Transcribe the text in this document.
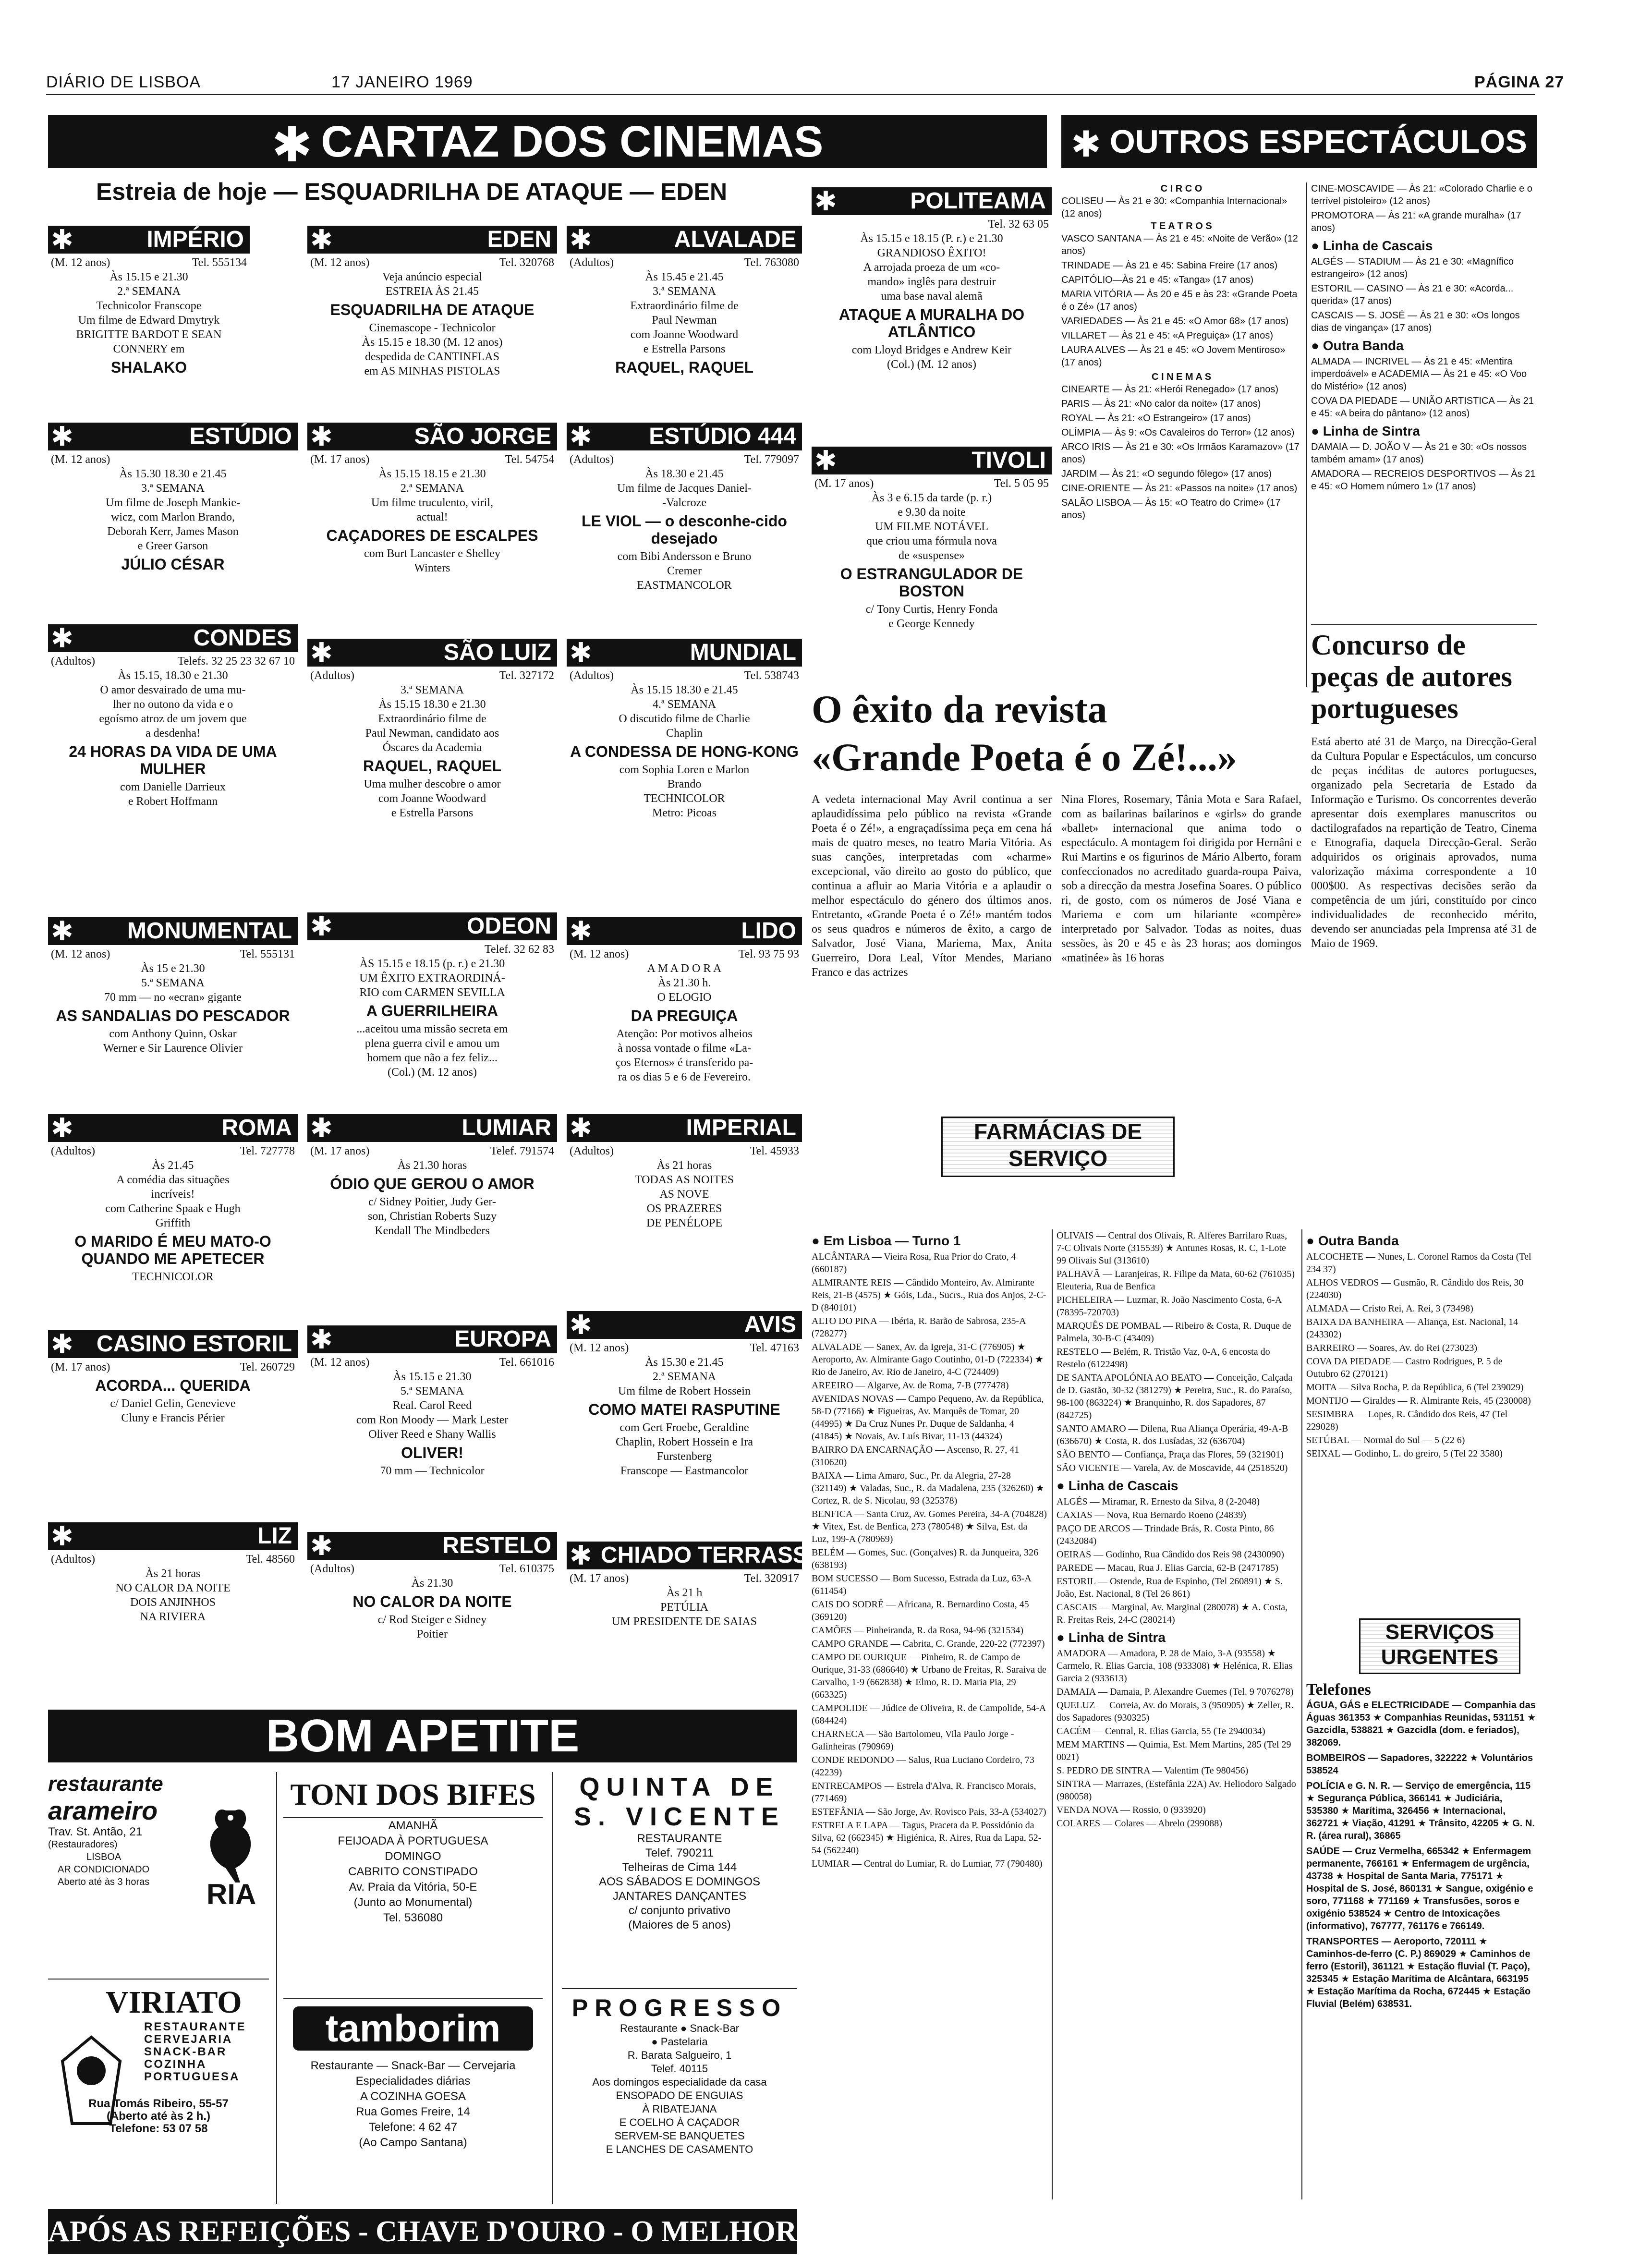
DIÁRIO DE LISBOA	17 JANEIRO 1969	PÁGINA 27
✱ CARTAZ DOS CINEMAS	✱ OUTROS ESPECTÁCULOS
Estreia de hoje — ESQUADRILHA DE ATAQUE — EDEN
✱	IMPÉRIO
(M. 12 anos)	Tel. 555134
Às 15.15 e 21.30
2.ª SEMANA
Technicolor Franscope
Um filme de Edward Dmytryk
BRIGITTE BARDOT E SEAN
CONNERY em
SHALAKO
✱	EDEN
(M. 12 anos)	Tel. 320768
Veja anúncio especial
ESTREIA ÀS 21.45
ESQUADRILHA DE ATAQUE
Cinemascope - Technicolor
Às 15.15 e 18.30 (M. 12 anos)
despedida de CANTINFLAS
em AS MINHAS PISTOLAS
✱	ALVALADE
(Adultos)	Tel. 763080
Às 15.45 e 21.45
3.ª SEMANA
Extraordinário filme de
Paul Newman
com Joanne Woodward
e Estrella Parsons
RAQUEL, RAQUEL
✱	POLITEAMA
Tel. 32 63 05
Às 15.15 e 18.15 (P. r.) e 21.30
GRANDIOSO ÊXITO!
A arrojada proeza de um «co-
mando» inglês para destruir
uma base naval alemã
ATAQUE A MURALHA DO ATLÂNTICO
com Lloyd Bridges e Andrew Keir
(Col.) (M. 12 anos)
✱	ESTÚDIO
(M. 12 anos)
Às 15.30 18.30 e 21.45
3.ª SEMANA
Um filme de Joseph Mankie-
wicz, com Marlon Brando,
Deborah Kerr, James Mason
e Greer Garson
JÚLIO CÉSAR
✱	SÃO JORGE
(M. 17 anos)	Tel. 54754
Às 15.15 18.15 e 21.30
2.ª SEMANA
Um filme truculento, viril,
actual!
CAÇADORES DE ESCALPES
com Burt Lancaster e Shelley
Winters
✱ ESTÚDIO 444
(Adultos)	Tel. 779097
Às 18.30 e 21.45
Um filme de Jacques Daniel-
-Valcroze
LE VIOL — o desconhe-cido desejado
com Bibi Andersson e Bruno
Cremer
EASTMANCOLOR
✱	TIVOLI
(M. 17 anos)	Tel. 5 05 95
Às 3 e 6.15 da tarde (p. r.)
e 9.30 da noite
UM FILME NOTÁVEL
que criou uma fórmula nova
de «suspense»
O ESTRANGULADOR DE BOSTON
c/ Tony Curtis, Henry Fonda
e George Kennedy
✱	CONDES
(Adultos)	Telefs. 32 25 23 32 67 10
Às 15.15, 18.30 e 21.30
O amor desvairado de uma mu-
lher no outono da vida e o
egoísmo atroz de um jovem que
a desdenha!
24 HORAS DA VIDA DE UMA MULHER
com Danielle Darrieux
e Robert Hoffmann
✱	SÃO LUIZ
(Adultos)	Tel. 327172
3.ª SEMANA
Às 15.15 18.30 e 21.30
Extraordinário filme de
Paul Newman, candidato aos
Óscares da Academia
RAQUEL, RAQUEL
Uma mulher descobre o amor
com Joanne Woodward
e Estrella Parsons
✱	MUNDIAL
(Adultos)	Tel. 538743
Às 15.15 18.30 e 21.45
4.ª SEMANA
O discutido filme de Charlie
Chaplin
A CONDESSA DE HONG-KONG
com Sophia Loren e Marlon
Brando
TECHNICOLOR
Metro: Picoas
✱ MONUMENTAL
(M. 12 anos)	Tel. 555131
Às 15 e 21.30
5.ª SEMANA
70 mm — no «ecran» gigante
AS SANDALIAS DO PESCADOR
com Anthony Quinn, Oskar
Werner e Sir Laurence Olivier
✱	ODEON
Telef. 32 62 83
ÀS 15.15 e 18.15 (p. r.) e 21.30
UM ÊXITO EXTRAORDINÁ-
RIO com CARMEN SEVILLA
A GUERRILHEIRA
...aceitou uma missão secreta em
plena guerra civil e amou um
homem que não a fez feliz...
(Col.) (M. 12 anos)
✱	LIDO
(M. 12 anos)	Tel. 93 75 93
A M A D O R A
Às 21.30 h.
O ELOGIO
DA PREGUIÇA
Atenção: Por motivos alheios
à nossa vontade o filme «La-
ços Eternos» é transferido pa-
ra os dias 5 e 6 de Fevereiro.
✱	ROMA
(Adultos)	Tel. 727778
Às 21.45
A comédia das situações
incríveis!
com Catherine Spaak e Hugh
Griffith
O MARIDO É MEU MATO-O QUANDO ME APETECER
TECHNICOLOR
✱	LUMIAR
(M. 17 anos)	Telef. 791574
Às 21.30 horas
ÓDIO QUE GEROU O AMOR
c/ Sidney Poitier, Judy Ger-
son, Christian Roberts Suzy
Kendall The Mindbeders
✱	IMPERIAL
(Adultos)	Tel. 45933
Às 21 horas
TODAS AS NOITES
AS NOVE
OS PRAZERES
DE PENÉLOPE
✱ CASINO ESTORIL
(M. 17 anos)	Tel. 260729
ACORDA... QUERIDA
c/ Daniel Gelin, Genevieve
Cluny e Francis Périer
✱	EUROPA
(M. 12 anos)	Tel. 661016
Às 15.15 e 21.30
5.ª SEMANA
Real. Carol Reed
com Ron Moody — Mark Lester
Oliver Reed e Shany Wallis
OLIVER!
70 mm — Technicolor
✱	AVIS
(M. 12 anos)	Tel. 47163
Às 15.30 e 21.45
2.ª SEMANA
Um filme de Robert Hossein
COMO MATEI RASPUTINE
com Gert Froebe, Geraldine
Chaplin, Robert Hossein e Ira
Furstenberg
Franscope — Eastmancolor
✱	LIZ
(Adultos)	Tel. 48560
Às 21 horas
NO CALOR DA NOITE
DOIS ANJINHOS
NA RIVIERA
✱	RESTELO
(Adultos)	Tel. 610375
Às 21.30
NO CALOR DA NOITE
c/ Rod Steiger e Sidney
Poitier
✱ CHIADO TERRASSE
(M. 17 anos)	Tel. 320917
Às 21 h
PETÚLIA
UM PRESIDENTE DE SAIAS
C I R C O
COLISEU — Às 21 e 30: «Companhia Internacional» (12 anos)
T E A T R O S
VASCO SANTANA — Às 21 e 45: «Noite de Verão» (12 anos)
TRINDADE — Às 21 e 45: Sabina Freire (17 anos)
CAPITÓLIO—Às 21 e 45: «Tanga» (17 anos)
MARIA VITÓRIA — Às 20 e 45 e às 23: «Grande Poeta é o Zé» (17 anos)
VARIEDADES — Às 21 e 45: «O Amor 68» (17 anos)
VILLARET — Às 21 e 45: «A Preguiça» (17 anos)
LAURA ALVES — Às 21 e 45: «O Jovem Mentiroso» (17 anos)
C I N E M A S
CINEARTE — Às 21: «Herói Renegado» (17 anos)
PARIS — Às 21: «No calor da noite» (17 anos)
ROYAL — Às 21: «O Estrangeiro» (17 anos)
OLÍMPIA — Às 9: «Os Cavaleiros do Terror» (12 anos)
ARCO IRIS — Às 21 e 30: «Os Irmãos Karamazov» (17 anos)
JARDIM — Às 21: «O segundo fôlego» (17 anos)
CINE-ORIENTE — Às 21: «Passos na noite» (17 anos)
SALÃO LISBOA — Às 15: «O Teatro do Crime» (17 anos)
CINE-MOSCAVIDE — Às 21: «Colorado Charlie e o terrível pistoleiro» (12 anos)
PROMOTORA — Às 21: «A grande muralha» (17 anos)
● Linha de Cascais
ALGÉS — STADIUM — Às 21 e 30: «Magnífico estrangeiro» (12 anos)
ESTORIL — CASINO — Às 21 e 30: «Acorda... querida» (17 anos)
CASCAIS — S. JOSÉ — Às 21 e 30: «Os longos dias de vingança» (17 anos)
● Outra Banda
ALMADA — INCRIVEL — Às 21 e 45: «Mentira imperdoável» e ACADEMIA — Às 21 e 45: «O Voo do Mistério» (12 anos)
COVA DA PIEDADE — UNIÃO ARTISTICA — Às 21 e 45: «A beira do pântano» (12 anos)
● Linha de Sintra
DAMAIA — D. JOÃO V — Às 21 e 30: «Os nossos também amam» (17 anos)
AMADORA — RECREIOS DESPORTIVOS — Às 21 e 45: «O Homem número 1» (17 anos)
Concurso de peças de autores portugueses
Está aberto até 31 de Março, na Direcção-Geral da Cultura Popular e Espectáculos, um concurso de peças inéditas de autores portugueses, organizado pela Secretaria de Estado da Informação e Turismo. Os concorrentes deverão apresentar dois exemplares manuscritos ou dactilografados na repartição de Teatro, Cinema e Etnografia, daquela Direcção-Geral. Serão adquiridos os originais aprovados, numa valorização máxima correspondente a 10 000$00. As respectivas decisões serão da competência de um júri, constituído por cinco individualidades de reconhecido mérito, devendo ser anunciadas pela Imprensa até 31 de Maio de 1969.
O êxito da revista
«Grande Poeta é o Zé!...»
A vedeta internacional May Avril continua a ser aplaudidíssima pelo público na revista «Grande Poeta é o Zé!», a engraçadíssima peça em cena há mais de quatro meses, no teatro Maria Vitória. As suas canções, interpretadas com «charme» excepcional, vão direito ao gosto do público, que continua a afluir ao Maria Vitória e a aplaudir o melhor espectáculo do género dos últimos anos. Entretanto, «Grande Poeta é o Zé!» mantém todos os seus quadros e números de êxito, a cargo de Salvador, José Viana, Mariema, Max, Anita Guerreiro, Dora Leal, Vítor Mendes, Mariano Franco e das actrizes
Nina Flores, Rosemary, Tânia Mota e Sara Rafael, com as bailarinas bailarinos e «girls» do grande «ballet» internacional que anima todo o espectáculo. A montagem foi dirigida por Hernâni e Rui Martins e os figurinos de Mário Alberto, foram confeccionados no acreditado guarda-roupa Paiva, sob a direcção da mestra Josefina Soares. O público ri, de gosto, com os números de José Viana e Mariema e com um hilariante «compère» interpretado por Salvador. Todas as noites, duas sessões, às 20 e 45 e às 23 horas; aos domingos «matinée» às 16 horas
FARMÁCIAS DE SERVIÇO
● Em Lisboa — Turno 1
ALCÂNTARA — Vieira Rosa, Rua Prior do Crato, 4 (660187)
ALMIRANTE REIS — Cândido Monteiro, Av. Almirante Reis, 21-B (4575) ★ Góis, Lda., Sucrs., Rua dos Anjos, 2-C-D (840101)
ALTO DO PINA — Ibéria, R. Barão de Sabrosa, 235-A (728277)
ALVALADE — Sanex, Av. da Igreja, 31-C (776905) ★ Aeroporto, Av. Almirante Gago Coutinho, 01-D (722334) ★ Rio de Janeiro, Av. Rio de Janeiro, 4-C (724409)
AREEIRO — Algarve, Av. de Roma, 7-B (777478)
AVENIDAS NOVAS — Campo Pequeno, Av. da República, 58-D (77166) ★ Figueiras, Av. Marquês de Tomar, 20 (44995) ★ Da Cruz Nunes Pr. Duque de Saldanha, 4 (41845) ★ Novais, Av. Luís Bivar, 11-13 (44324)
BAIRRO DA ENCARNAÇÃO — Ascenso, R. 27, 41 (310620)
BAIXA — Lima Amaro, Suc., Pr. da Alegria, 27-28 (321149) ★ Valadas, Suc., R. da Madalena, 235 (326260) ★ Cortez, R. de S. Nicolau, 93 (325378)
BENFICA — Santa Cruz, Av. Gomes Pereira, 34-A (704828) ★ Vitex, Est. de Benfica, 273 (780548) ★ Silva, Est. da Luz, 199-A (780969)
BELÉM — Gomes, Suc. (Gonçalves) R. da Junqueira, 326 (638193)
BOM SUCESSO — Bom Sucesso, Estrada da Luz, 63-A (611454)
CAIS DO SODRÉ — Africana, R. Bernardino Costa, 45 (369120)
CAMÕES — Pinheiranda, R. da Rosa, 94-96 (321534)
CAMPO GRANDE — Cabrita, C. Grande, 220-22 (772397)
CAMPO DE OURIQUE — Pinheiro, R. de Campo de Ourique, 31-33 (686640) ★ Urbano de Freitas, R. Saraiva de Carvalho, 1-9 (662838) ★ Elmo, R. D. Maria Pia, 29 (663325)
CAMPOLIDE — Júdice de Oliveira, R. de Campolide, 54-A (684424)
CHARNECA — São Bartolomeu, Vila Paulo Jorge - Galinheiras (790969)
CONDE REDONDO — Salus, Rua Luciano Cordeiro, 73 (42239)
ENTRECAMPOS — Estrela d'Alva, R. Francisco Morais, (771469)
ESTEFÂNIA — São Jorge, Av. Rovisco Pais, 33-A (534027)
ESTRELA E LAPA — Tagus, Praceta da P. Possidónio da Silva, 62 (662345) ★ Higiénica, R. Aires, Rua da Lapa, 52-54 (562240)
LUMIAR — Central do Lumiar, R. do Lumiar, 77 (790480)
OLIVAIS — Central dos Olivais, R. Alferes Barrilaro Ruas, 7-C Olivais Norte (315539) ★ Antunes Rosas, R. C, 1-Lote 99 Olivais Sul (313610)
PALHAVÃ — Laranjeiras, R. Filipe da Mata, 60-62 (761035) Eleuteria, Rua de Benfica
PICHELEIRA — Luzmar, R. João Nascimento Costa, 6-A (78395-720703)
MARQUÊS DE POMBAL — Ribeiro & Costa, R. Duque de Palmela, 30-B-C (43409)
RESTELO — Belém, R. Tristão Vaz, 0-A, 6 encosta do Restelo (6122498)
DE SANTA APOLÓNIA AO BEATO — Conceição, Calçada de D. Gastão, 30-32 (381279) ★ Pereira, Suc., R. do Paraíso, 98-100 (863224) ★ Branquinho, R. dos Sapadores, 87 (842725)
SANTO AMARO — Dilena, Rua Aliança Operária, 49-A-B (636670) ★ Costa, R. dos Lusíadas, 32 (636704)
SÃO BENTO — Confiança, Praça das Flores, 59 (321901)
SÃO VICENTE — Varela, Av. de Moscavide, 44 (2518520)
● Linha de Cascais
ALGÉS — Miramar, R. Ernesto da Silva, 8 (2-2048)
CAXIAS — Nova, Rua Bernardo Roeno (24839)
PAÇO DE ARCOS — Trindade Brás, R. Costa Pinto, 86 (2432084)
OEIRAS — Godinho, Rua Cândido dos Reis 98 (2430090)
PAREDE — Macau, Rua J. Elias Garcia, 62-B (2471785)
ESTORIL — Ostende, Rua de Espinho, (Tel 260891) ★ S. João, Est. Nacional, 8 (Tel 26 861)
CASCAIS — Marginal, Av. Marginal (280078) ★ A. Costa, R. Freitas Reis, 24-C (280214)
● Linha de Sintra
AMADORA — Amadora, P. 28 de Maio, 3-A (93558) ★ Carmelo, R. Elias Garcia, 108 (933308) ★ Helénica, R. Elias Garcia 2 (933613)
DAMAIA — Damaia, P. Alexandre Guemes (Tel. 9 7076278)
QUELUZ — Correia, Av. do Morais, 3 (950905) ★ Zeller, R. dos Sapadores (930325)
CACÉM — Central, R. Elias Garcia, 55 (Te 2940034)
MEM MARTINS — Quimia, Est. Mem Martins, 285 (Tel 29 0021)
S. PEDRO DE SINTRA — Valentim (Te 980456)
SINTRA — Marrazes, (Estefânia 22A) Av. Heliodoro Salgado (980058)
VENDA NOVA — Rossio, 0 (933920)
COLARES — Colares — Abrelo (299088)
● Outra Banda
ALCOCHETE — Nunes, L. Coronel Ramos da Costa (Tel 234 37)
ALHOS VEDROS — Gusmão, R. Cândido dos Reis, 30 (224030)
ALMADA — Cristo Rei, A. Rei, 3 (73498)
BAIXA DA BANHEIRA — Aliança, Est. Nacional, 14 (243302)
BARREIRO — Soares, Av. do Rei (273023)
COVA DA PIEDADE — Castro Rodrigues, P. 5 de Outubro 62 (270121)
MOITA — Silva Rocha, P. da República, 6 (Tel 239029)
MONTIJO — Giraldes — R. Almirante Reis, 45 (230008)
SESIMBRA — Lopes, R. Cândido dos Reis, 47 (Tel 229028)
SETÚBAL — Normal do Sul — 5 (22 6)
SEIXAL — Godinho, L. do greiro, 5 (Tel 22 3580)
SERVIÇOS URGENTES
Telefones
ÁGUA, GÁS e ELECTRICIDADE — Companhia das Águas 361353 ★ Companhias Reunidas, 531151 ★ Gazcidla, 538821 ★ Gazcidla (dom. e feriados), 382069.
BOMBEIROS — Sapadores, 322222 ★ Voluntários 538524
POLÍCIA e G. N. R. — Serviço de emergência, 115 ★ Segurança Pública, 366141 ★ Judiciária, 535380 ★ Marítima, 326456 ★ Internacional, 362721 ★ Viação, 41291 ★ Trânsito, 42205 ★ G. N. R. (área rural), 36865
SAÚDE — Cruz Vermelha, 665342 ★ Enfermagem permanente, 766161 ★ Enfermagem de urgência, 43738 ★ Hospital de Santa Maria, 775171 ★ Hospital de S. José, 860131 ★ Sangue, oxigénio e soro, 771168 ★ 771169 ★ Transfusões, soros e oxigénio 538524 ★ Centro de Intoxicações (informativo), 767777, 761176 e 766149.
TRANSPORTES — Aeroporto, 720111 ★ Caminhos-de-ferro (C. P.) 869029 ★ Caminhos de ferro (Estoril), 361121 ★ Estação fluvial (T. Paço), 325345 ★ Estação Marítima de Alcântara, 663195 ★ Estação Marítima da Rocha, 672445 ★ Estação Fluvial (Belém) 638531.
BOM APETITE
restaurante
arameiro
Trav. St. Antão, 21
(Restauradores)
LISBOA
AR CONDICIONADO
Aberto até às 3 horas	RIA
VIRIATO
RESTAURANTE
CERVEJARIA
SNACK-BAR
COZINHA
PORTUGUESA
Rua Tomás Ribeiro, 55-57
(Aberto até às 2 h.)
Telefone: 53 07 58
TONI DOS BIFES
AMANHÃ
FEIJOADA À PORTUGUESA
DOMINGO
CABRITO CONSTIPADO
Av. Praia da Vitória, 50-E
(Junto ao Monumental)
Tel. 536080
tamborim
Restaurante — Snack-Bar — Cervejaria
Especialidades diárias
A COZINHA GOESA
Rua Gomes Freire, 14
Telefone: 4 62 47
(Ao Campo Santana)
QUINTA DE S. VICENTE
RESTAURANTE
Telef. 790211
Telheiras de Cima 144
AOS SÁBADOS E DOMINGOS
JANTARES DANÇANTES
c/ conjunto privativo
(Maiores de 5 anos)
PROGRESSO
Restaurante ● Snack-Bar
● Pastelaria
R. Barata Salgueiro, 1
Telef. 40115
Aos domingos especialidade da casa
ENSOPADO DE ENGUIAS
À RIBATEJANA
E COELHO À CAÇADOR
SERVEM-SE BANQUETES
E LANCHES DE CASAMENTO
APÓS AS REFEIÇÕES - CHAVE D'OURO - O MELHOR CAFÉ
